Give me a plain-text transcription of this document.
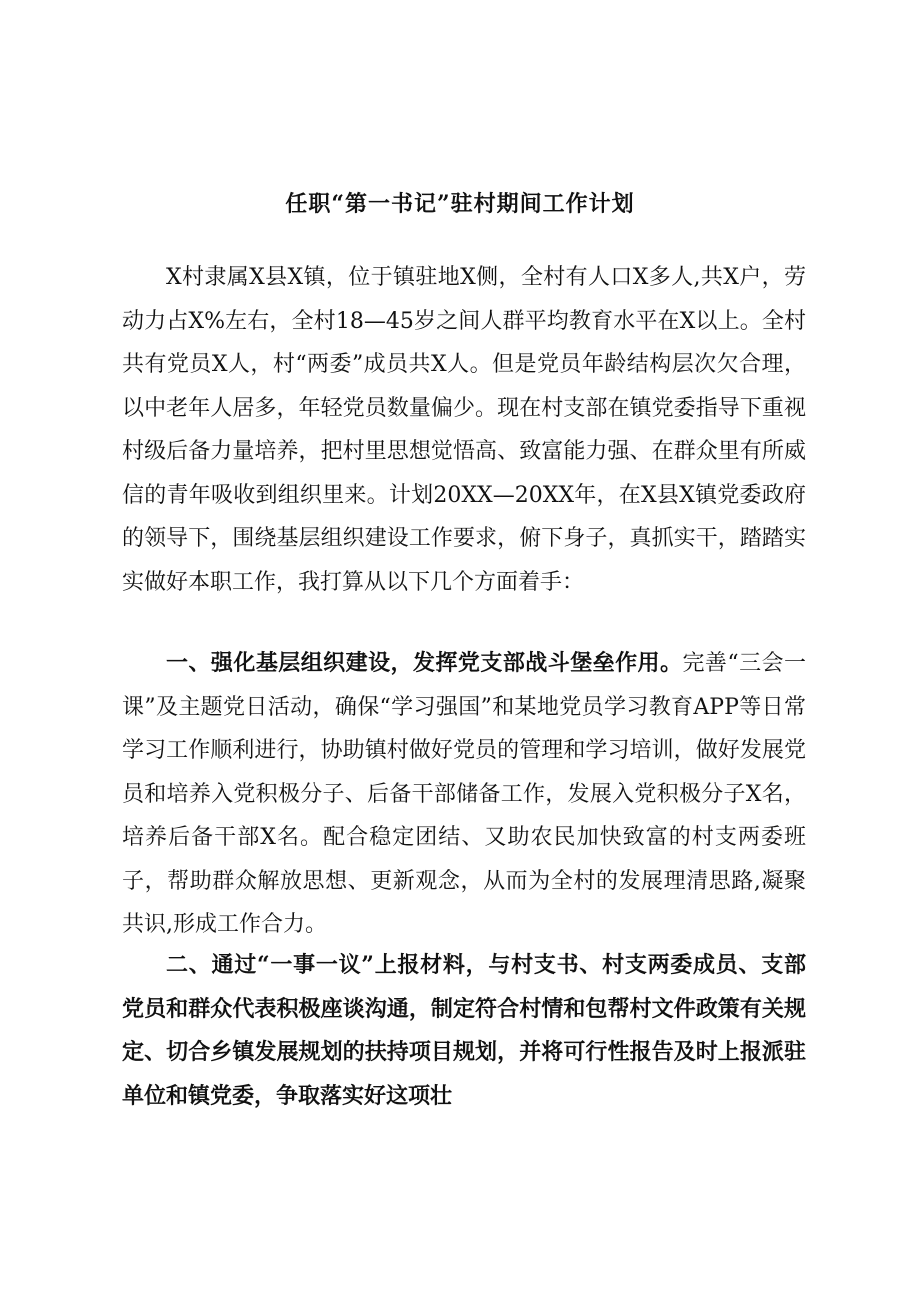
任职“第一书记”驻村期间工作计划

X村隶属X县X镇，位于镇驻地X侧，全村有人口X多人,共X户，劳动力占X%左右，全村18—45岁之间人群平均教育水平在X以上。全村共有党员X人，村“两委”成员共X人。但是党员年龄结构层次欠合理，以中老年人居多，年轻党员数量偏少。现在村支部在镇党委指导下重视村级后备力量培养，把村里思想觉悟高、致富能力强、在群众里有所威信的青年吸收到组织里来。计划20XX—20XX年，在X县X镇党委政府的领导下，围绕基层组织建设工作要求，俯下身子，真抓实干，踏踏实实做好本职工作，我打算从以下几个方面着手：

一、强化基层组织建设，发挥党支部战斗堡垒作用。完善“三会一课”及主题党日活动，确保“学习强国”和某地党员学习教育APP等日常学习工作顺利进行，协助镇村做好党员的管理和学习培训，做好发展党员和培养入党积极分子、后备干部储备工作，发展入党积极分子X名，培养后备干部X名。配合稳定团结、又助农民加快致富的村支两委班子，帮助群众解放思想、更新观念，从而为全村的发展理清思路,凝聚共识,形成工作合力。

二、通过“一事一议”上报材料，与村支书、村支两委成员、支部党员和群众代表积极座谈沟通，制定符合村情和包帮村文件政策有关规定、切合乡镇发展规划的扶持项目规划，并将可行性报告及时上报派驻单位和镇党委，争取落实好这项壮
